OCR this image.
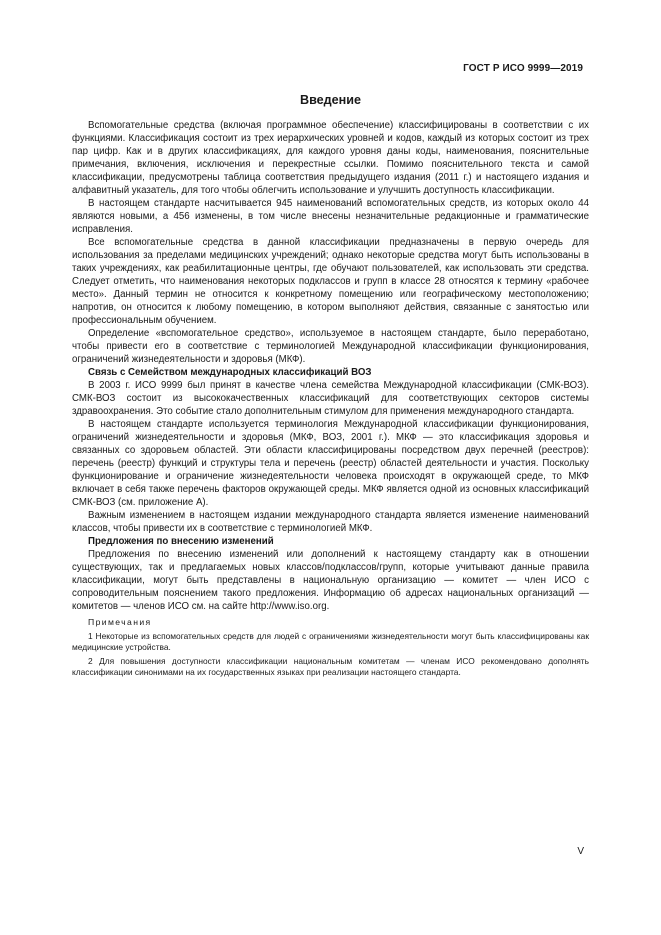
ГОСТ Р ИСО 9999—2019
Введение

Вспомогательные средства (включая программное обеспечение) классифицированы в соответствии с их функциями. Классификация состоит из трех иерархических уровней и кодов, каждый из которых состоит из трех пар цифр. Как и в других классификациях, для каждого уровня даны коды, наименования, пояснительные примечания, включения, исключения и перекрестные ссылки. Помимо пояснительного текста и самой классификации, предусмотрены таблица соответствия предыдущего издания (2011 г.) и настоящего издания и алфавитный указатель, для того чтобы облегчить использование и улучшить доступность классификации.

В настоящем стандарте насчитывается 945 наименований вспомогательных средств, из которых около 44 являются новыми, а 456 изменены, в том числе внесены незначительные редакционные и грамматические исправления.

Все вспомогательные средства в данной классификации предназначены в первую очередь для использования за пределами медицинских учреждений; однако некоторые средства могут быть использованы в таких учреждениях, как реабилитационные центры, где обучают пользователей, как использовать эти средства. Следует отметить, что наименования некоторых подклассов и групп в классе 28 относятся к термину «рабочее место». Данный термин не относится к конкретному помещению или географическому местоположению; напротив, он относится к любому помещению, в котором выполняют действия, связанные с занятостью или профессиональным обучением.

Определение «вспомогательное средство», используемое в настоящем стандарте, было переработано, чтобы привести его в соответствие с терминологией Международной классификации функционирования, ограничений жизнедеятельности и здоровья (МКФ).

Связь с Семейством международных классификаций ВОЗ

В 2003 г. ИСО 9999 был принят в качестве члена семейства Международной классификации (СМК-ВОЗ). СМК-ВОЗ состоит из высококачественных классификаций для соответствующих секторов системы здравоохранения. Это событие стало дополнительным стимулом для применения международного стандарта.

В настоящем стандарте используется терминология Международной классификации функционирования, ограничений жизнедеятельности и здоровья (МКФ, ВОЗ, 2001 г.). МКФ — это классификация здоровья и связанных со здоровьем областей. Эти области классифицированы посредством двух перечней (реестров): перечень (реестр) функций и структуры тела и перечень (реестр) областей деятельности и участия. Поскольку функционирование и ограничение жизнедеятельности человека происходят в окружающей среде, то МКФ включает в себя также перечень факторов окружающей среды. МКФ является одной из основных классификаций СМК-ВОЗ (см. приложение А).

Важным изменением в настоящем издании международного стандарта является изменение наименований классов, чтобы привести их в соответствие с терминологией МКФ.

Предложения по внесению изменений

Предложения по внесению изменений или дополнений к настоящему стандарту как в отношении существующих, так и предлагаемых новых классов/подклассов/групп, которые учитывают данные правила классификации, могут быть представлены в национальную организацию — комитет — член ИСО с сопроводительным пояснением такого предложения. Информацию об адресах национальных организаций — комитетов — членов ИСО см. на сайте http://www.iso.org.

Примечания

1 Некоторые из вспомогательных средств для людей с ограничениями жизнедеятельности могут быть классифицированы как медицинские устройства.

2 Для повышения доступности классификации национальным комитетам — членам ИСО рекомендовано дополнять классификации синонимами на их государственных языках при реализации настоящего стандарта.

V
